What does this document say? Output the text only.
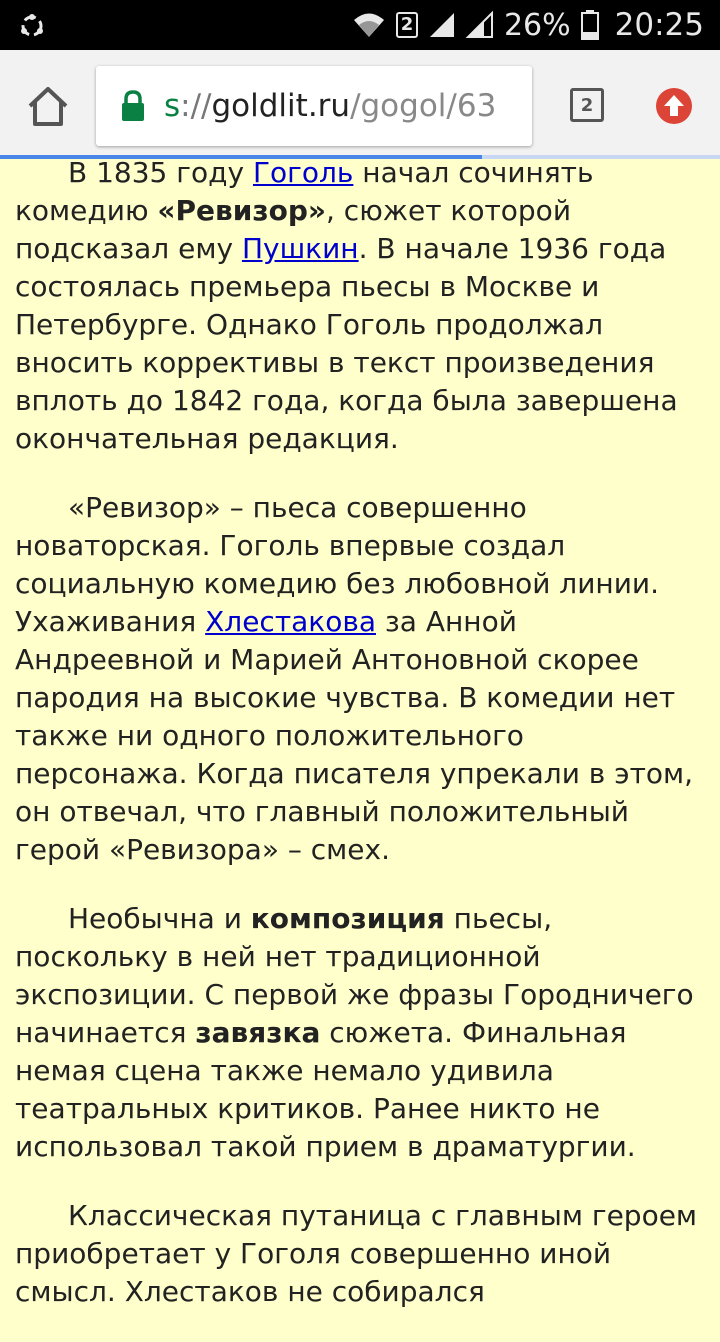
2	26% 20:25
s://goldlit.ru/gogol/63	2

В 1835 году Гоголь начал сочинять комедию «Ревизор», сюжет которой подсказал ему Пушкин. В начале 1936 года состоялась премьера пьесы в Москве и Петербурге. Однако Гоголь продолжал вносить коррективы в текст произведения вплоть до 1842 года, когда была завершена окончательная редакция.

«Ревизор» – пьеса совершенно новаторская. Гоголь впервые создал социальную комедию без любовной линии. Ухаживания Хлестакова за Анной Андреевной и Марией Антоновной скорее пародия на высокие чувства. В комедии нет также ни одного положительного персонажа. Когда писателя упрекали в этом, он отвечал, что главный положительный герой «Ревизора» – смех.

Необычна и композиция пьесы, поскольку в ней нет традиционной экспозиции. С первой же фразы Городничего начинается завязка сюжета. Финальная немая сцена также немало удивила театральных критиков. Ранее никто не использовал такой прием в драматургии.

Классическая путаница с главным героем приобретает у Гоголя совершенно иной смысл. Хлестаков не собирался
